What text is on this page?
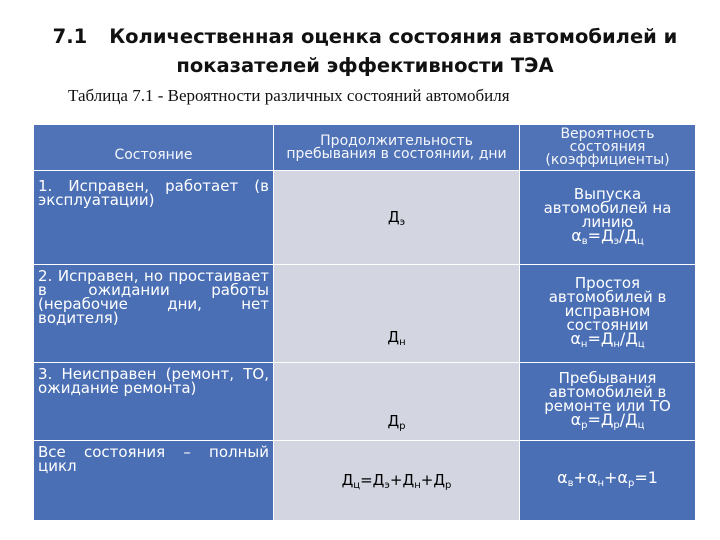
7.1 Количественная оценка состояния автомобилей и
показателей эффективности ТЭА
Таблица 7.1 - Вероятности различных состояний автомобиля
Состояние	Продолжительность пребывания в состоянии, дни	Вероятность состояния (коэффициенты)
1. Исправен, работает (в эксплуатации)	$Д_э$	Выпуска автомобилей на линию
$\alpha_в=Д_э/Д_ц$

2. Исправен, но простаивает в ожидании работы (нерабочие дни, нет водителя)	$Д_н$	Простоя автомобилей в исправном состоянии
$\alpha_н=Д_н/Д_ц$

3. Неисправен (ремонт, ТО, ожидание ремонта)	$Д_р$	Пребывания автомобилей в ремонте или ТО
$\alpha_р=Д_р/Д_ц$

Все состояния – полный цикл	$Д_ц=Д_э+Д_н+Д_р$	$\alpha_в+\alpha_н+\alpha_р=1$
